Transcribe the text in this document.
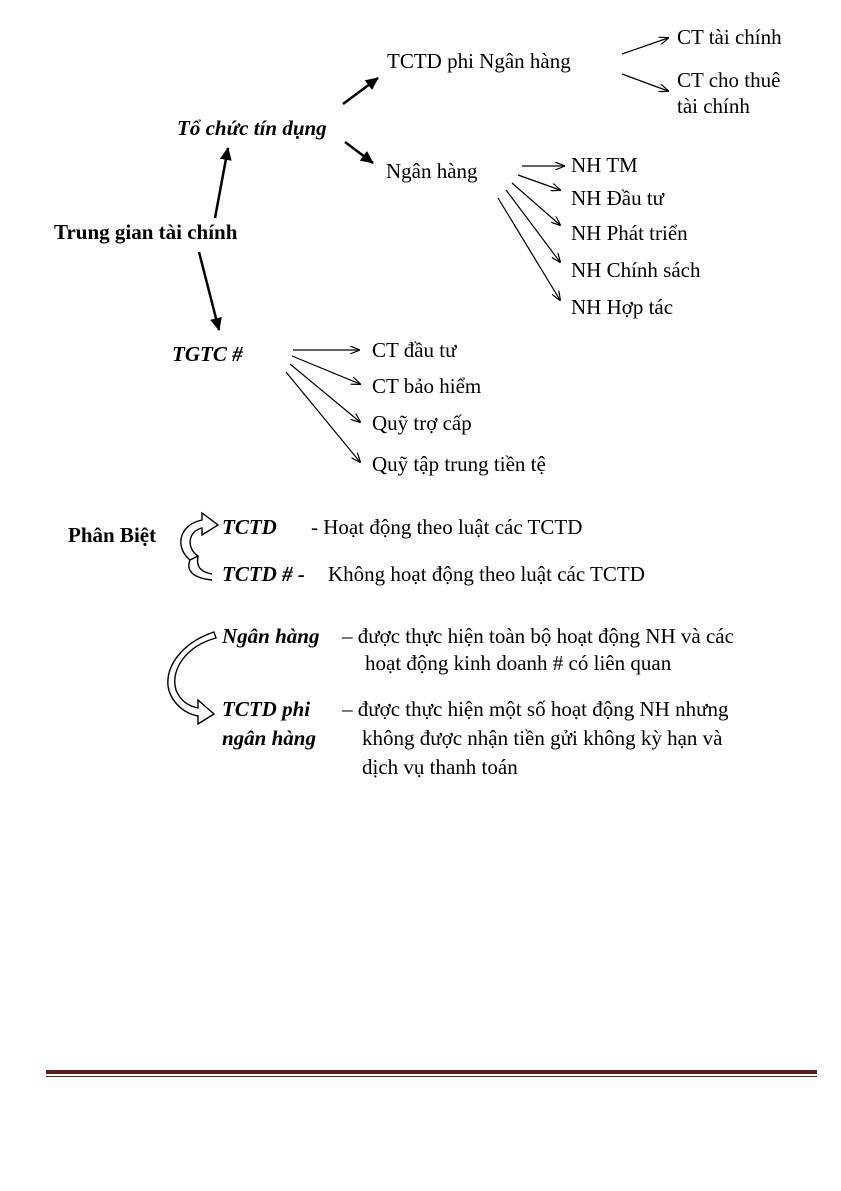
Trung gian tài chính
Tổ chức tín dụng
TGTC #
TCTD phi Ngân hàng
CT tài chính
CT cho thuê
tài chính
Ngân hàng	NH TM
NH Đầu tư
NH Phát triển
NH Chính sách
NH Hợp tác
CT đầu tư
CT bảo hiểm
Quỹ trợ cấp
Quỹ tập trung tiền tệ
Phân Biệt	TCTD - Hoạt động theo luật các TCTD
TCTD # - Không hoạt động theo luật các TCTD
Ngân hàng – được thực hiện toàn bộ hoạt động NH và các
hoạt động kinh doanh # có liên quan
TCTD phi
ngân hàng
– được thực hiện một số hoạt động NH nhưng
không được nhận tiền gửi không kỳ hạn và
dịch vụ thanh toán
